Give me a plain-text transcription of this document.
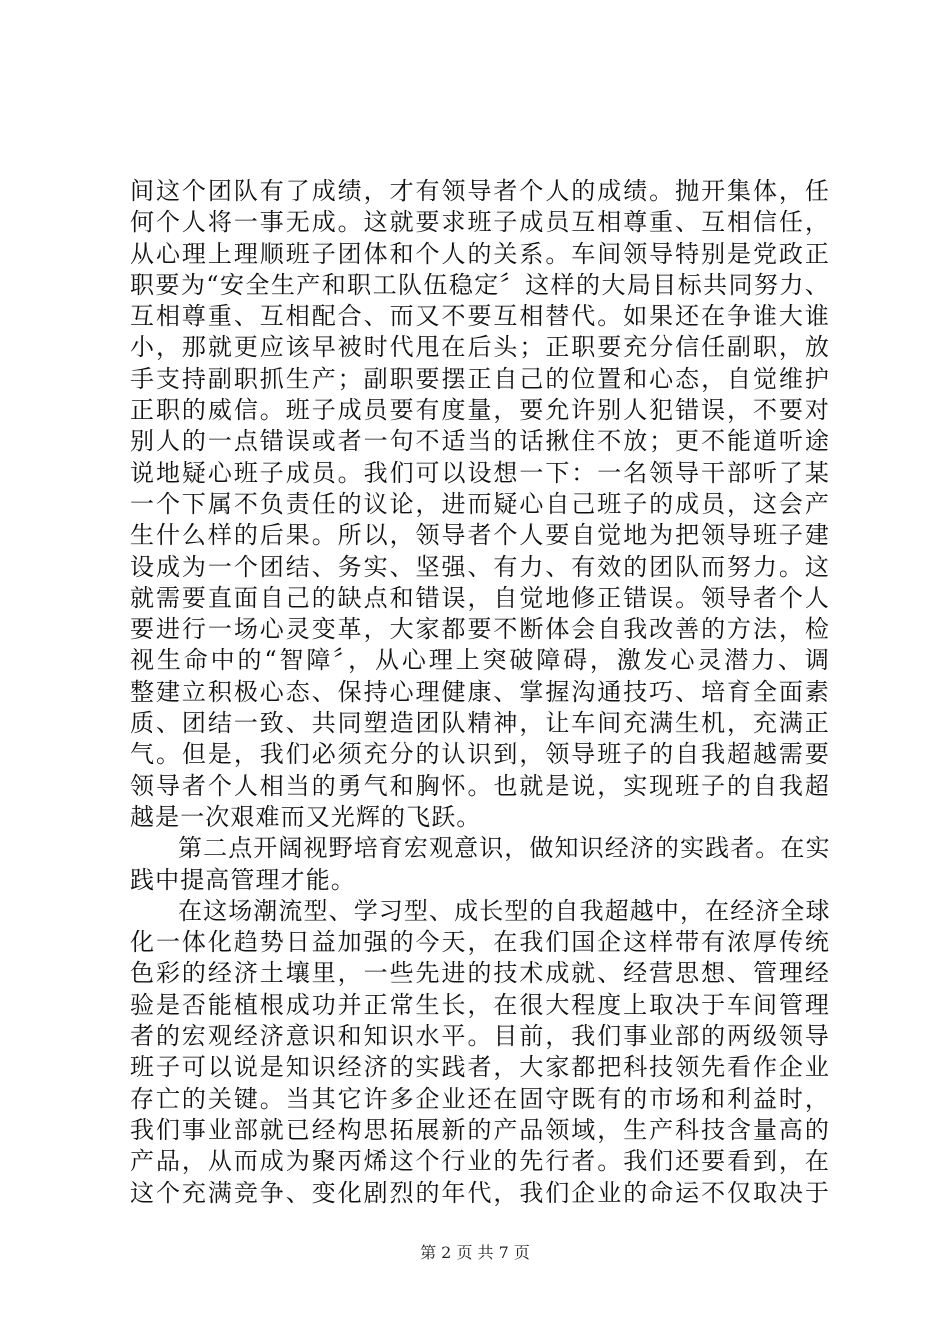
间这个团队有了成绩，才有领导者个人的成绩。抛开集体，任
何个人将一事无成。这就要求班子成员互相尊重、互相信任，
从心理上理顺班子团体和个人的关系。车间领导特别是党政正
职要为“安全生产和职工队伍稳定〞这样的大局目标共同努力、
互相尊重、互相配合、而又不要互相替代。如果还在争谁大谁
小，那就更应该早被时代甩在后头；正职要充分信任副职，放
手支持副职抓生产；副职要摆正自己的位置和心态，自觉维护
正职的威信。班子成员要有度量，要允许别人犯错误，不要对
别人的一点错误或者一句不适当的话揪住不放；更不能道听途
说地疑心班子成员。我们可以设想一下：一名领导干部听了某
一个下属不负责任的议论，进而疑心自己班子的成员，这会产
生什么样的后果。所以，领导者个人要自觉地为把领导班子建
设成为一个团结、务实、坚强、有力、有效的团队而努力。这
就需要直面自己的缺点和错误，自觉地修正错误。领导者个人
要进行一场心灵变革，大家都要不断体会自我改善的方法，检
视生命中的“智障〞，从心理上突破障碍，激发心灵潜力、调
整建立积极心态、保持心理健康、掌握沟通技巧、培育全面素
质、团结一致、共同塑造团队精神，让车间充满生机，充满正
气。但是，我们必须充分的认识到，领导班子的自我超越需要
领导者个人相当的勇气和胸怀。也就是说，实现班子的自我超
越是一次艰难而又光辉的飞跃。
第二点开阔视野培育宏观意识，做知识经济的实践者。在实
践中提高管理才能。
在这场潮流型、学习型、成长型的自我超越中，在经济全球
化一体化趋势日益加强的今天，在我们国企这样带有浓厚传统
色彩的经济土壤里，一些先进的技术成就、经营思想、管理经
验是否能植根成功并正常生长，在很大程度上取决于车间管理
者的宏观经济意识和知识水平。目前，我们事业部的两级领导
班子可以说是知识经济的实践者，大家都把科技领先看作企业
存亡的关键。当其它许多企业还在固守既有的市场和利益时，
我们事业部就已经构思拓展新的产品领域，生产科技含量高的
产品，从而成为聚丙烯这个行业的先行者。我们还要看到，在
这个充满竞争、变化剧烈的年代，我们企业的命运不仅取决于
第 2 页 共 7 页
